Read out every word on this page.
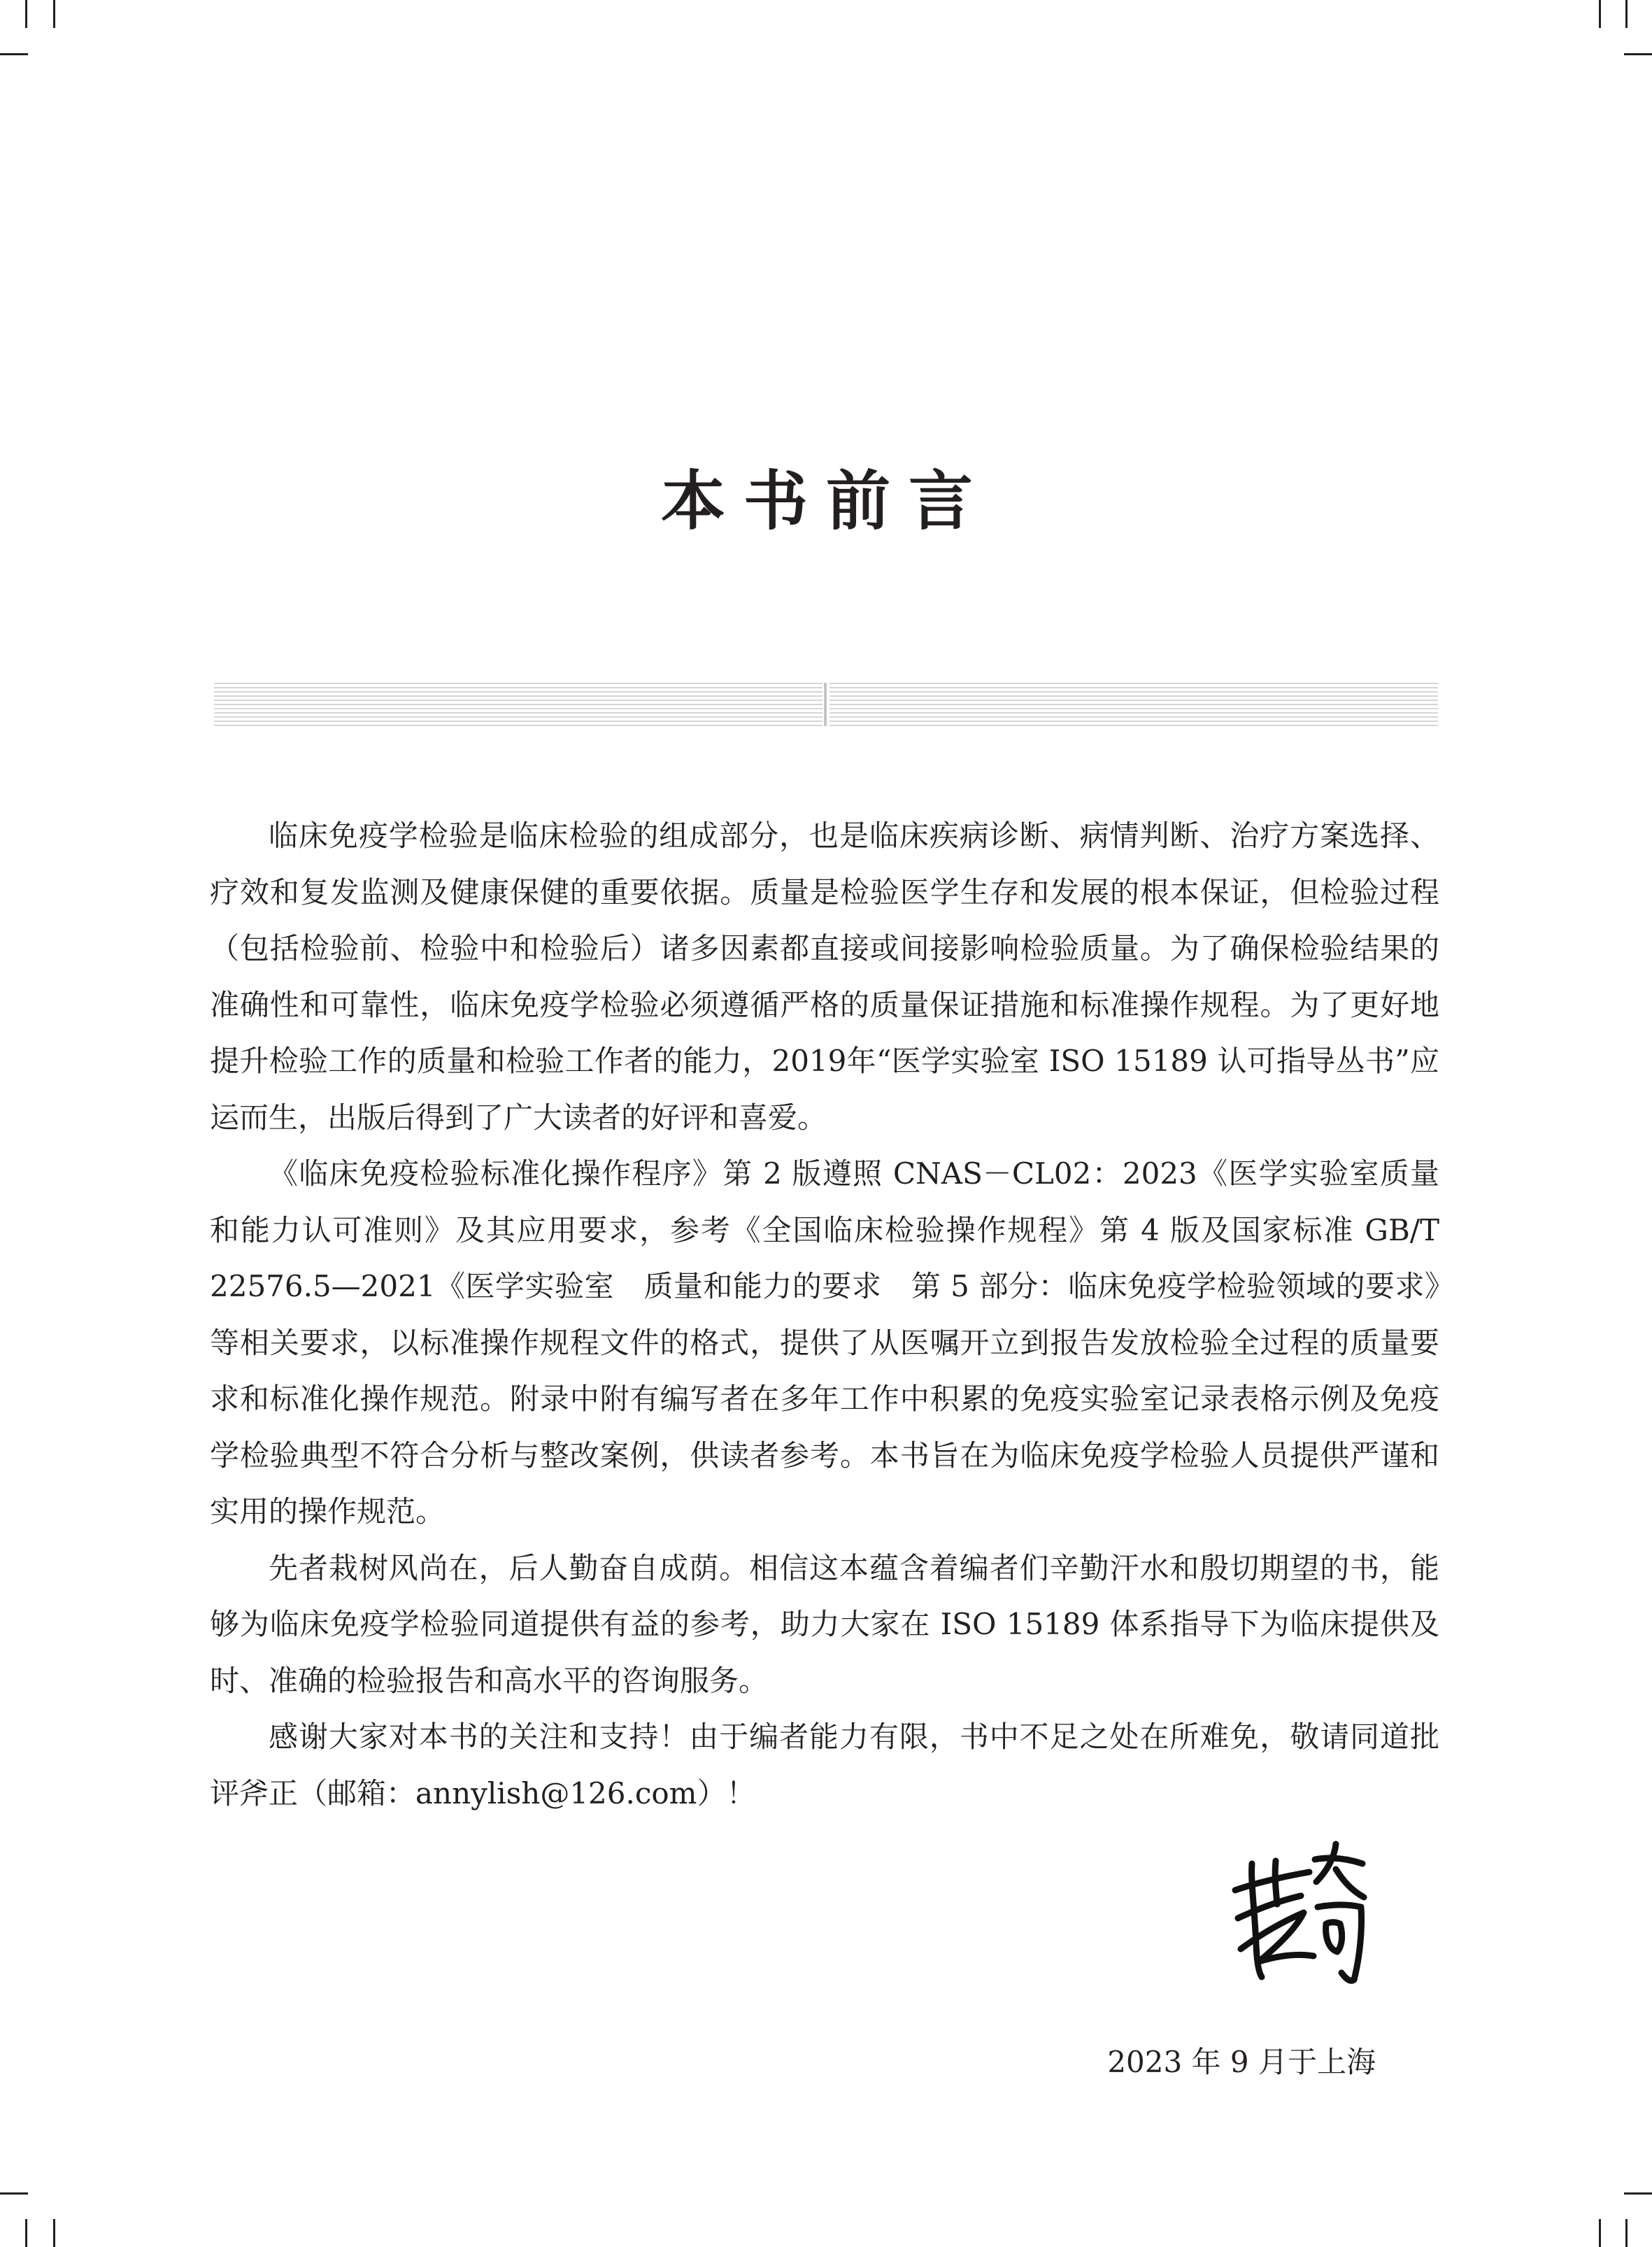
本书前言

临床免疫学检验是临床检验的组成部分，也是临床疾病诊断、病情判断、治疗方案选择、疗效和复发监测及健康保健的重要依据。质量是检验医学生存和发展的根本保证，但检验过程（包括检验前、检验中和检验后）诸多因素都直接或间接影响检验质量。为了确保检验结果的准确性和可靠性，临床免疫学检验必须遵循严格的质量保证措施和标准操作规程。为了更好地提升检验工作的质量和检验工作者的能力，2019年“医学实验室 ISO 15189 认可指导丛书”应运而生，出版后得到了广大读者的好评和喜爱。

《临床免疫检验标准化操作程序》第 2 版遵照 CNAS－CL02：2023《医学实验室质量和能力认可准则》及其应用要求，参考《全国临床检验操作规程》第 4 版及国家标准 GB/T 22576.5—2021《医学实验室　质量和能力的要求　第 5 部分：临床免疫学检验领域的要求》等相关要求，以标准操作规程文件的格式，提供了从医嘱开立到报告发放检验全过程的质量要求和标准化操作规范。附录中附有编写者在多年工作中积累的免疫实验室记录表格示例及免疫学检验典型不符合分析与整改案例，供读者参考。本书旨在为临床免疫学检验人员提供严谨和实用的操作规范。

先者栽树风尚在，后人勤奋自成荫。相信这本蕴含着编者们辛勤汗水和殷切期望的书，能够为临床免疫学检验同道提供有益的参考，助力大家在 ISO 15189 体系指导下为临床提供及时、准确的检验报告和高水平的咨询服务。

感谢大家对本书的关注和支持！由于编者能力有限，书中不足之处在所难免，敬请同道批评斧正（邮箱：annylish@126.com）！

2023 年 9 月于上海
